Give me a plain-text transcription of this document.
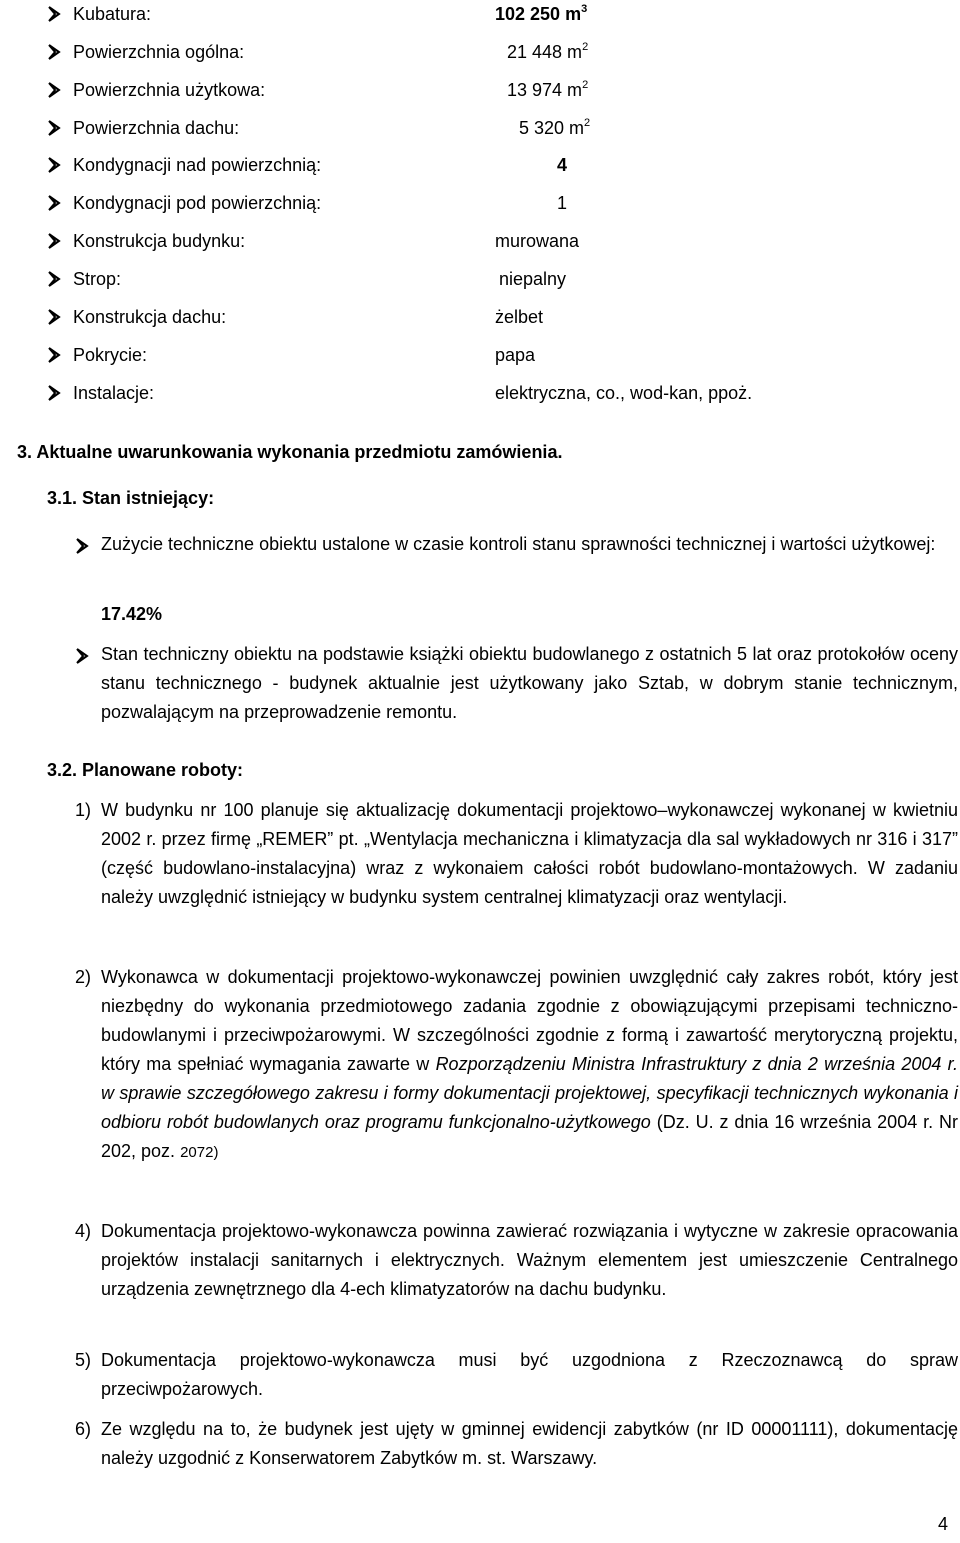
Kubatura:	102 250 $m^3$
Powierzchnia ogólna:	21 448 $m^2$
Powierzchnia użytkowa:	13 974 $m^2$
Powierzchnia dachu:	5 320 $m^2$
Kondygnacji nad powierzchnią:	4
Kondygnacji pod powierzchnią:	1
Konstrukcja budynku:	murowana
Strop:	niepalny
Konstrukcja dachu:	żelbet
Pokrycie:	papa
Instalacje:	elektryczna, co., wod-kan, ppoż.
3. Aktualne uwarunkowania wykonania przedmiotu zamówienia.
3.1. Stan istniejący:
Zużycie techniczne obiektu ustalone w czasie kontroli stanu sprawności technicznej i wartości użytkowej:
17.42%
Stan techniczny obiektu na podstawie książki obiektu budowlanego z ostatnich 5 lat oraz protokołów oceny stanu technicznego - budynek aktualnie jest użytkowany jako Sztab, w dobrym stanie technicznym, pozwalającym na przeprowadzenie remontu.
3.2. Planowane roboty:
1) W budynku nr 100 planuje się aktualizację dokumentacji projektowo–wykonawczej wykonanej w kwietniu 2002 r. przez firmę „REMER” pt. „Wentylacja mechaniczna i klimatyzacja dla sal wykładowych nr 316 i 317” (część budowlano-instalacyjna) wraz z wykonaiem całości robót budowlano-montażowych. W zadaniu należy uwzględnić istniejący w budynku system centralnej klimatyzacji oraz wentylacji.
2) Wykonawca w dokumentacji projektowo-wykonawczej powinien uwzględnić cały zakres robót, który jest niezbędny do wykonania przedmiotowego zadania zgodnie z obowiązującymi przepisami techniczno-budowlanymi i przeciwpożarowymi. W szczególności zgodnie z formą i zawartość merytoryczną projektu, który ma spełniać wymagania zawarte w Rozporządzeniu Ministra Infrastruktury z dnia 2 września 2004 r. w sprawie szczegółowego zakresu i formy dokumentacji projektowej, specyfikacji technicznych wykonania i odbioru robót budowlanych oraz programu funkcjonalno-użytkowego (Dz. U. z dnia 16 września 2004 r. Nr 202, poz. 2072)
4) Dokumentacja projektowo-wykonawcza powinna zawierać rozwiązania i wytyczne w zakresie opracowania projektów instalacji sanitarnych i elektrycznych. Ważnym elementem jest umieszczenie Centralnego urządzenia zewnętrznego dla 4-ech klimatyzatorów na dachu budynku.
5) Dokumentacja projektowo-wykonawcza musi być uzgodniona z Rzeczoznawcą do spraw przeciwpożarowych.
6) Ze względu na to, że budynek jest ujęty w gminnej ewidencji zabytków (nr ID 00001111), dokumentację należy uzgodnić z Konserwatorem Zabytków m. st. Warszawy.
4
